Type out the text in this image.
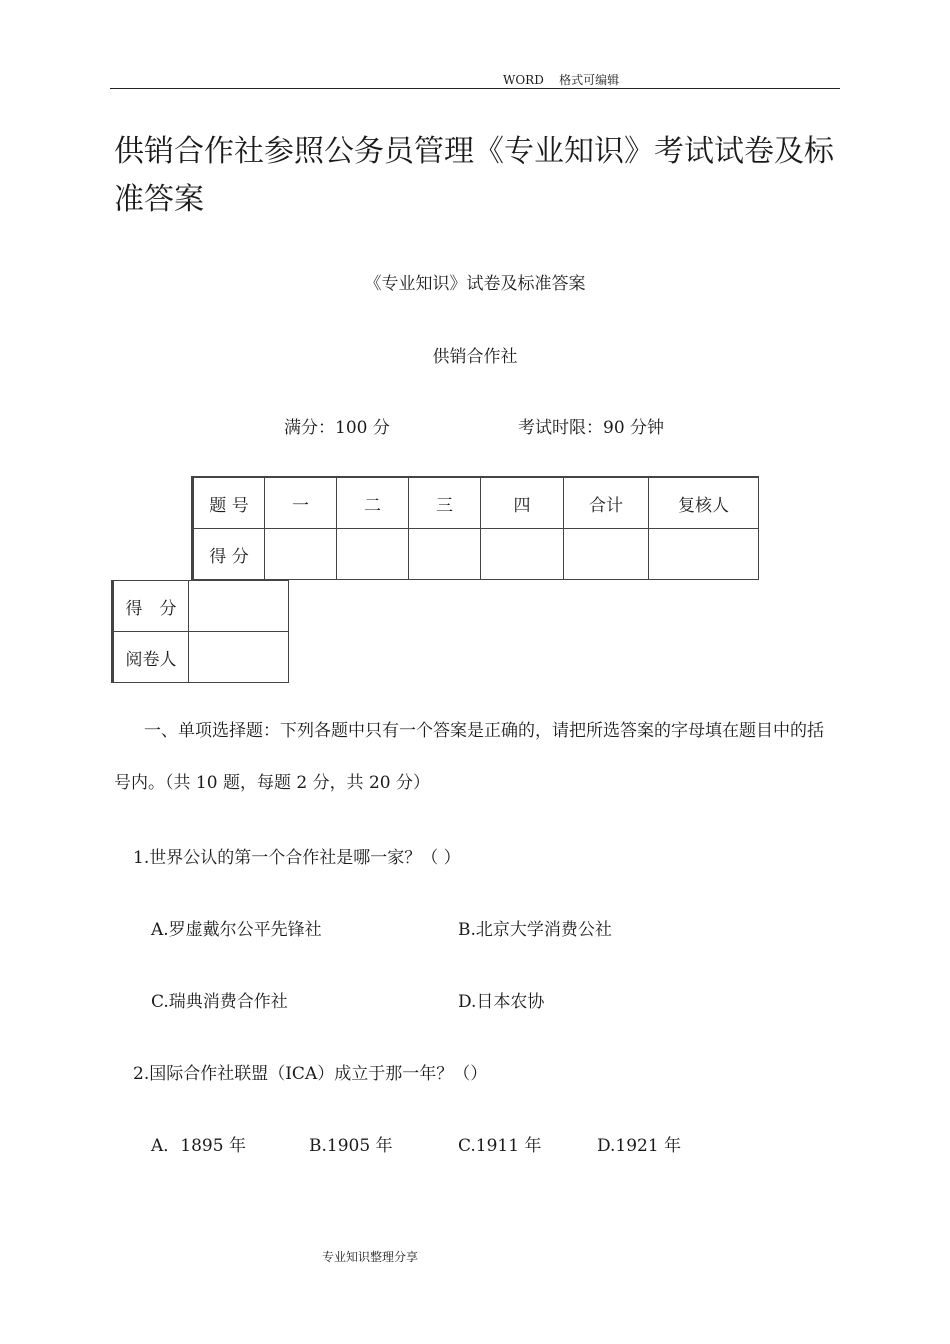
WORD    格式可编辑
供销合作社参照公务员管理《专业知识》考试试卷及标准答案
《专业知识》试卷及标准答案
供销合作社
满分：100 分	考试时限：90 分钟
题 号	一	二	三	四	合计	复核人
得 分						
得　分	
阅卷人	
一、单项选择题：下列各题中只有一个答案是正确的，请把所选答案的字母填在题目中的括号内。（共 10 题，每题 2 分，共 20 分）
1.世界公认的第一个合作社是哪一家？（ ）
A.罗虚戴尔公平先锋社	B.北京大学消费公社
C.瑞典消费合作社	D.日本农协
2.国际合作社联盟（ICA）成立于那一年？（）
A．1895 年	B.1905 年	C.1911 年	D.1921 年
专业知识整理分享
